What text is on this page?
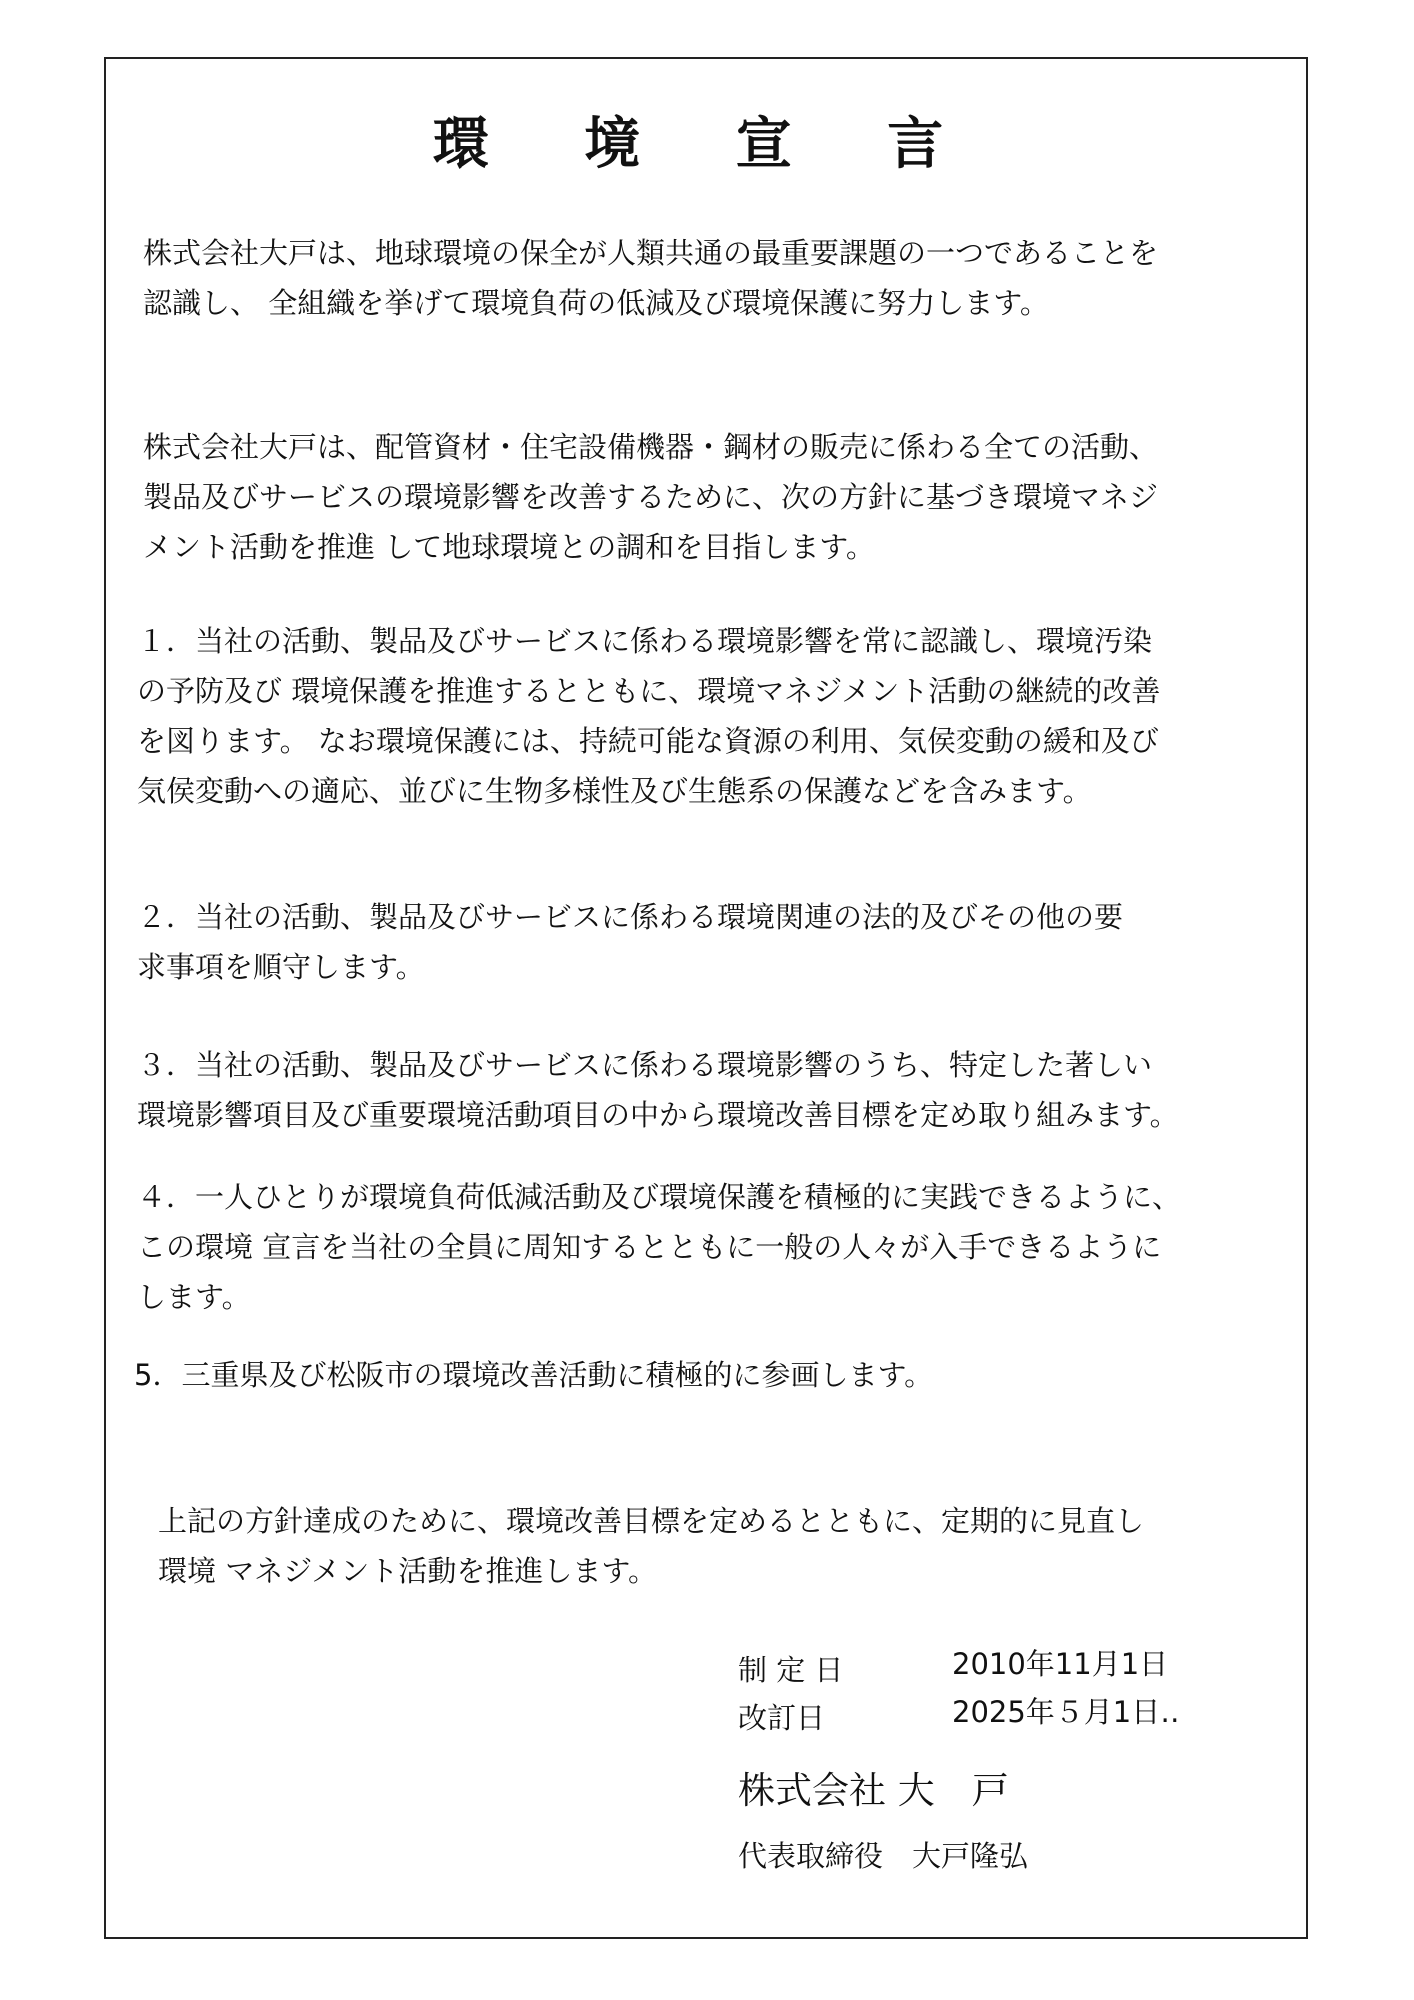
環 境 宣 言
株式会社大戸は、地球環境の保全が人類共通の最重要課題の一つであることを
認識し、 全組織を挙げて環境負荷の低減及び環境保護に努力します。
株式会社大戸は、配管資材・住宅設備機器・鋼材の販売に係わる全ての活動、
製品及びサービスの環境影響を改善するために、次の方針に基づき環境マネジ
メント活動を推進 して地球環境との調和を目指します。
１．当社の活動、製品及びサービスに係わる環境影響を常に認識し、環境汚染
の予防及び 環境保護を推進するとともに、環境マネジメント活動の継続的改善
を図ります。 なお環境保護には、持続可能な資源の利用、気侯変動の緩和及び
気侯変動への適応、並びに生物多様性及び生態系の保護などを含みます。
２．当社の活動、製品及びサービスに係わる環境関連の法的及びその他の要
求事項を順守します。
３．当社の活動、製品及びサービスに係わる環境影響のうち、特定した著しい
環境影響項目及び重要環境活動項目の中から環境改善目標を定め取り組みます。
４．一人ひとりが環境負荷低減活動及び環境保護を積極的に実践できるように、
この環境 宣言を当社の全員に周知するとともに一般の人々が入手できるように
します。
5．三重県及び松阪市の環境改善活動に積極的に参画します。
上記の方針達成のために、環境改善目標を定めるとともに、定期的に見直し
環境 マネジメント活動を推進します。
制 定 日	2010年11月1日
改訂日	2025年５月1日‥
株式会社 大　戸
代表取締役　大戸隆弘
